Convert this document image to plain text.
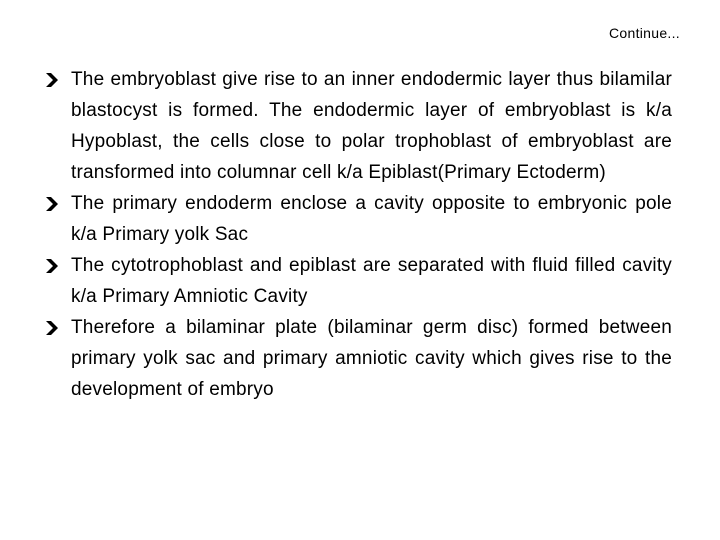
Continue...
The embryoblast give rise to an inner endodermic layer thus bilamilar blastocyst is formed. The endodermic layer of embryoblast is k/a Hypoblast, the cells close to polar trophoblast of embryoblast are transformed into columnar cell k/a Epiblast(Primary Ectoderm)
The primary endoderm enclose a cavity opposite to embryonic pole k/a Primary yolk Sac
The cytotrophoblast and epiblast are separated with fluid filled cavity k/a Primary Amniotic Cavity
Therefore a bilaminar plate (bilaminar germ disc) formed between primary yolk sac and primary amniotic cavity which gives rise to the development of embryo
